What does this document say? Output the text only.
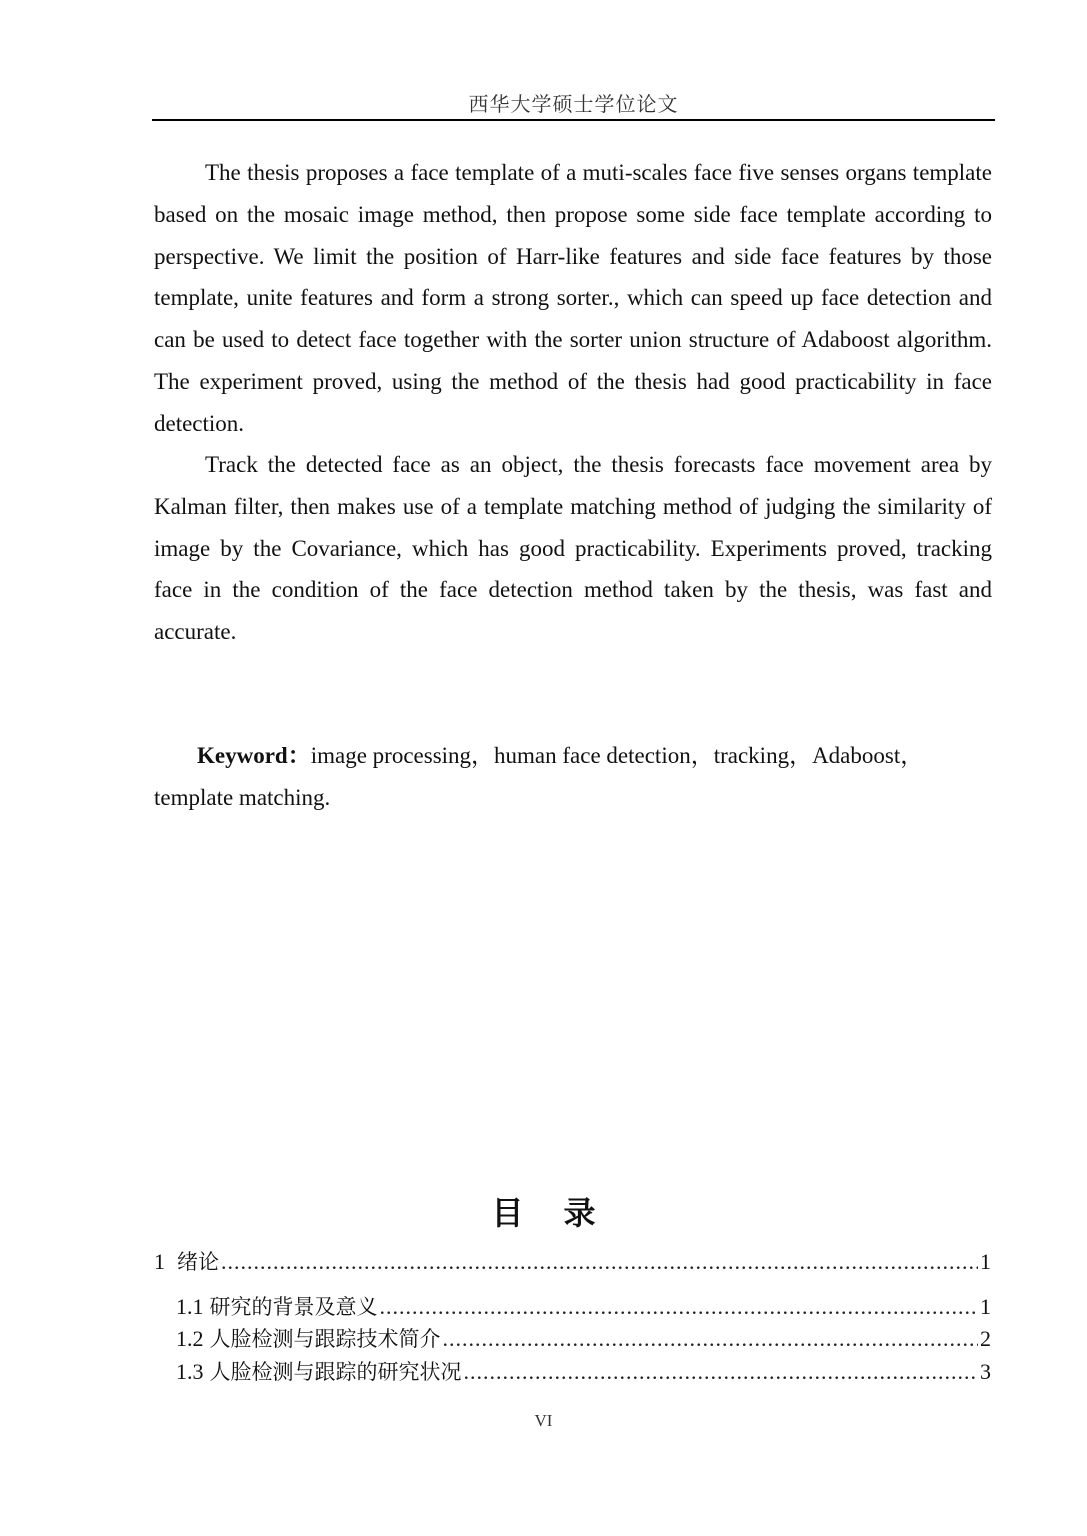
西华大学硕士学位论文

The thesis proposes a face template of a muti-scales face five senses organs template based on the mosaic image method, then propose some side face template according to perspective. We limit the position of Harr-like features and side face features by those template, unite features and form a strong sorter., which can speed up face detection and can be used to detect face together with the sorter union structure of Adaboost algorithm. The experiment proved, using the method of the thesis had good practicability in face detection.

Track the detected face as an object, the thesis forecasts face movement area by Kalman filter, then makes use of a template matching method of judging the similarity of image by the Covariance, which has good practicability. Experiments proved, tracking face in the condition of the face detection method taken by the thesis, was fast and accurate.

Keyword：image processing，human face detection，tracking，Adaboost，template matching.

目录
1 绪论 .....	1
1.1 研究的背景及意义 .....	1
1.2 人脸检测与跟踪技术简介 .....	2
1.3 人脸检测与跟踪的研究状况 .....	3
VI
